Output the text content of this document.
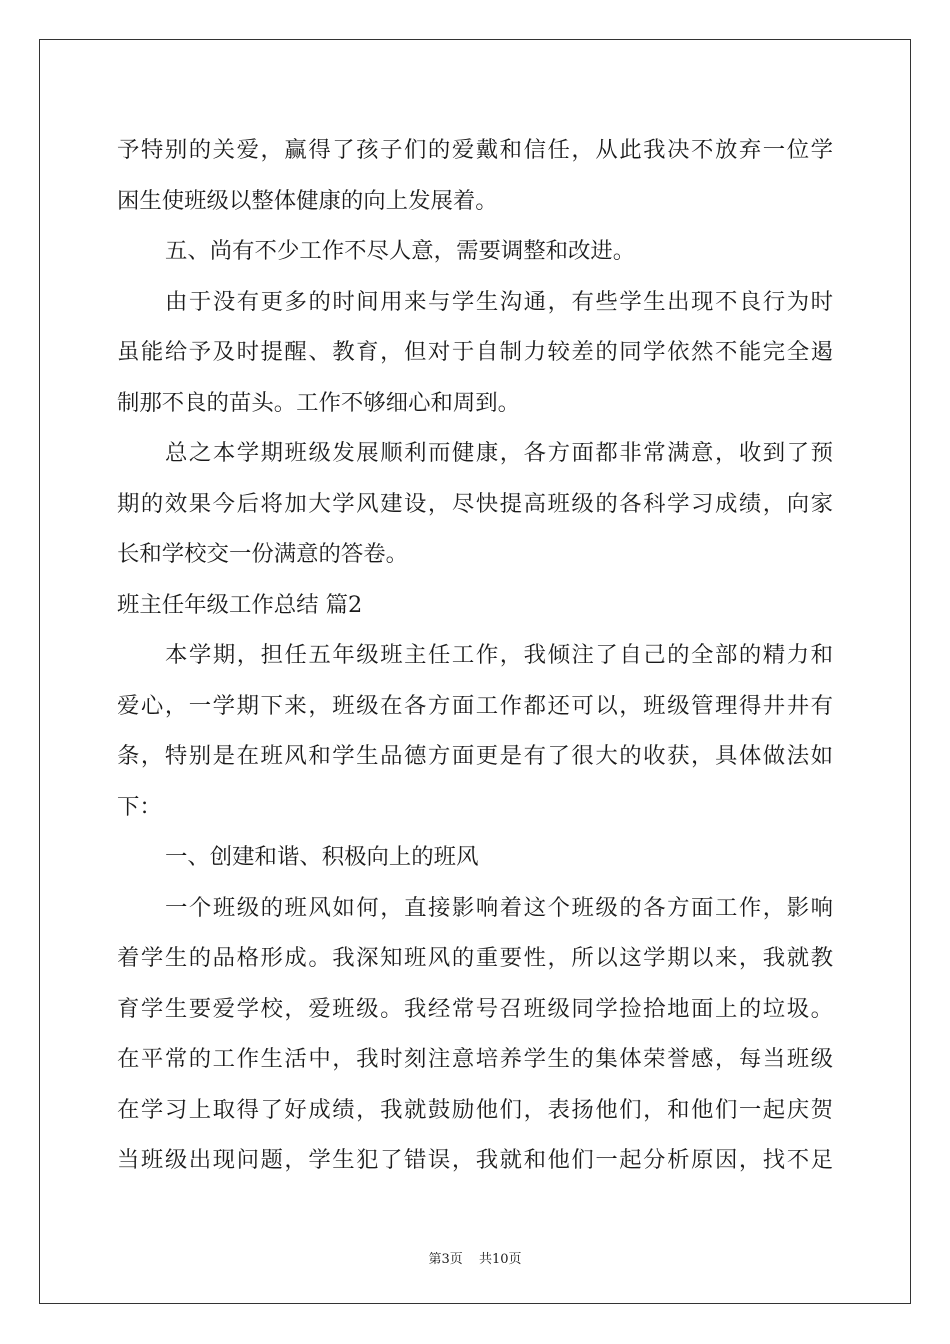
予特别的关爱，赢得了孩子们的爱戴和信任，从此我决不放弃一位学
困生使班级以整体健康的向上发展着。
五、尚有不少工作不尽人意，需要调整和改进。
由于没有更多的时间用来与学生沟通，有些学生出现不良行为时
虽能给予及时提醒、教育，但对于自制力较差的同学依然不能完全遏
制那不良的苗头。工作不够细心和周到。
总之本学期班级发展顺利而健康，各方面都非常满意，收到了预
期的效果今后将加大学风建设，尽快提高班级的各科学习成绩，向家
长和学校交一份满意的答卷。
班主任年级工作总结 篇2
本学期，担任五年级班主任工作，我倾注了自己的全部的精力和
爱心，一学期下来，班级在各方面工作都还可以，班级管理得井井有
条，特别是在班风和学生品德方面更是有了很大的收获，具体做法如
下：
一、创建和谐、积极向上的班风
一个班级的班风如何，直接影响着这个班级的各方面工作，影响
着学生的品格形成。我深知班风的重要性，所以这学期以来，我就教
育学生要爱学校，爱班级。我经常号召班级同学捡拾地面上的垃圾。
在平常的工作生活中，我时刻注意培养学生的集体荣誉感，每当班级
在学习上取得了好成绩，我就鼓励他们，表扬他们，和他们一起庆贺
当班级出现问题，学生犯了错误，我就和他们一起分析原因，找不足
第3页 共10页
